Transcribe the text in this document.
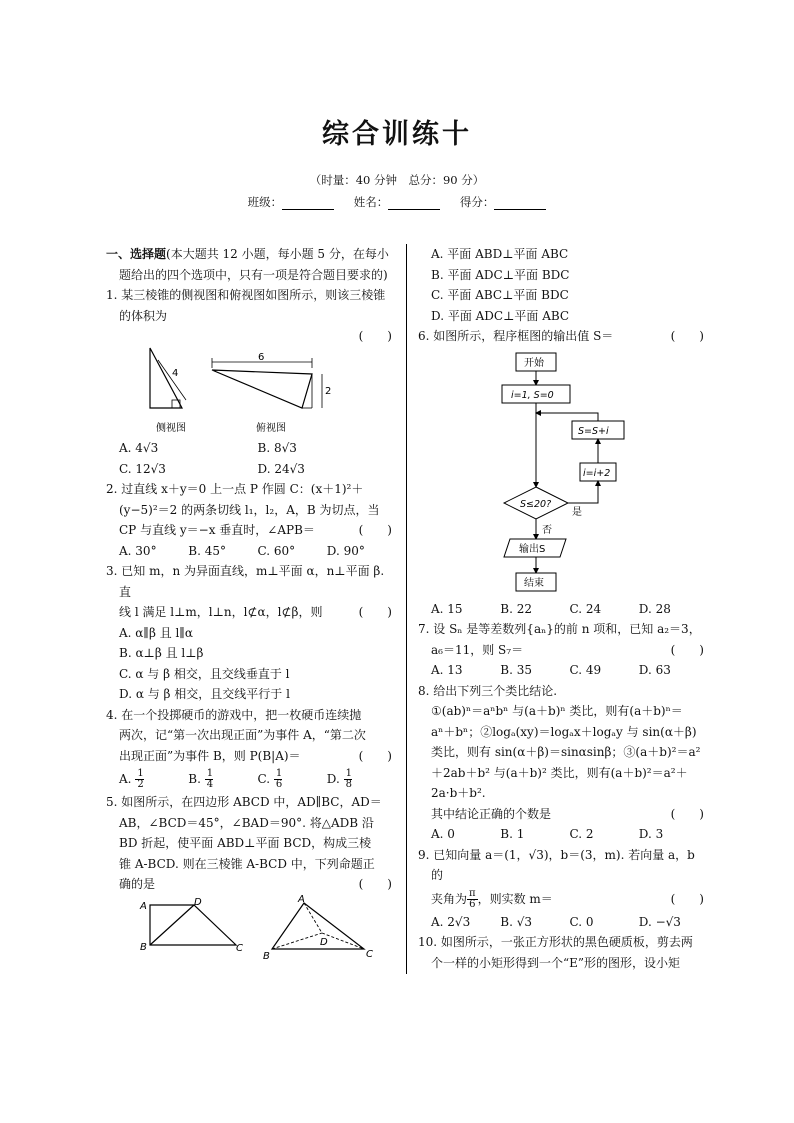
综合训练十
（时量：40 分钟　总分：90 分）
班级：	姓名：	得分：
一、选择题(本大题共 12 小题，每小题 5 分，在每小题给出的四个选项中，只有一项是符合题目要求的)
1. 某三棱锥的侧视图和俯视图如图所示，则该三棱锥的体积为
(　　)
4
侧视图
6
2
俯视图
A. 4√3	B. 8√3
C. 12√3	D. 24√3
2. 过直线 x＋y＝0 上一点 P 作圆 C：(x＋1)²＋
(y−5)²＝2 的两条切线 l₁，l₂，A，B 为切点，当
CP 与直线 y＝−x 垂直时，∠APB＝	(　　)
A. 30°	B. 45°	C. 60°	D. 90°
3. 已知 m，n 为异面直线，m⊥平面 α，n⊥平面 β. 直
线 l 满足 l⊥m，l⊥n，l⊄α，l⊄β，则	(　　)
A. α∥β 且 l∥α
B. α⊥β 且 l⊥β
C. α 与 β 相交，且交线垂直于 l
D. α 与 β 相交，且交线平行于 l
4. 在一个投掷硬币的游戏中，把一枚硬币连续抛
两次，记“第一次出现正面”为事件 A，“第二次
出现正面”为事件 B，则 P(B|A)＝	(　　)
A. $\frac{1}{2}$	B. $\frac{1}{4}$	C. $\frac{1}{6}$	D. $\frac{1}{8}$
5. 如图所示，在四边形 ABCD 中，AD∥BC，AD＝
AB，∠BCD＝45°，∠BAD＝90°. 将△ADB 沿
BD 折起，使平面 ABD⊥平面 BCD，构成三棱
锥 A-BCD. 则在三棱锥 A-BCD 中，下列命题正
确的是	(　　)
A	D
B	C
A
D
B	C
A. 平面 ABD⊥平面 ABC
B. 平面 ADC⊥平面 BDC
C. 平面 ABC⊥平面 BDC
D. 平面 ADC⊥平面 ABC
6. 如图所示，程序框图的输出值 S＝	(　　)
开始
i=1, S=0
S=S+i
i=i+2
S≤20?
是
否
输出S
结束
A. 15	B. 22	C. 24	D. 28
7. 设 Sₙ 是等差数列{aₙ}的前 n 项和，已知 a₂＝3，
a₆＝11，则 S₇＝	(　　)
A. 13	B. 35	C. 49	D. 63
8. 给出下列三个类比结论.
①(ab)ⁿ＝aⁿbⁿ 与(a＋b)ⁿ 类比，则有(a＋b)ⁿ＝
aⁿ＋bⁿ；②logₐ(xy)＝logₐx＋logₐy 与 sin(α＋β)
类比，则有 sin(α＋β)＝sinαsinβ；③(a＋b)²＝a²
＋2ab＋b² 与(a＋b)² 类比，则有(a＋b)²＝a²＋
2a·b＋b².
其中结论正确的个数是	(　　)
A. 0	B. 1	C. 2	D. 3
9. 已知向量 a＝(1，√3)，b＝(3，m). 若向量 a，b 的
夹角为 $\frac{\pi}{6}$ ，则实数 m＝	(　　)
A. 2√3	B. √3	C. 0	D. −√3
10. 如图所示，一张正方形状的黑色硬质板，剪去两
个一样的小矩形得到一个“E”形的图形，设小矩
